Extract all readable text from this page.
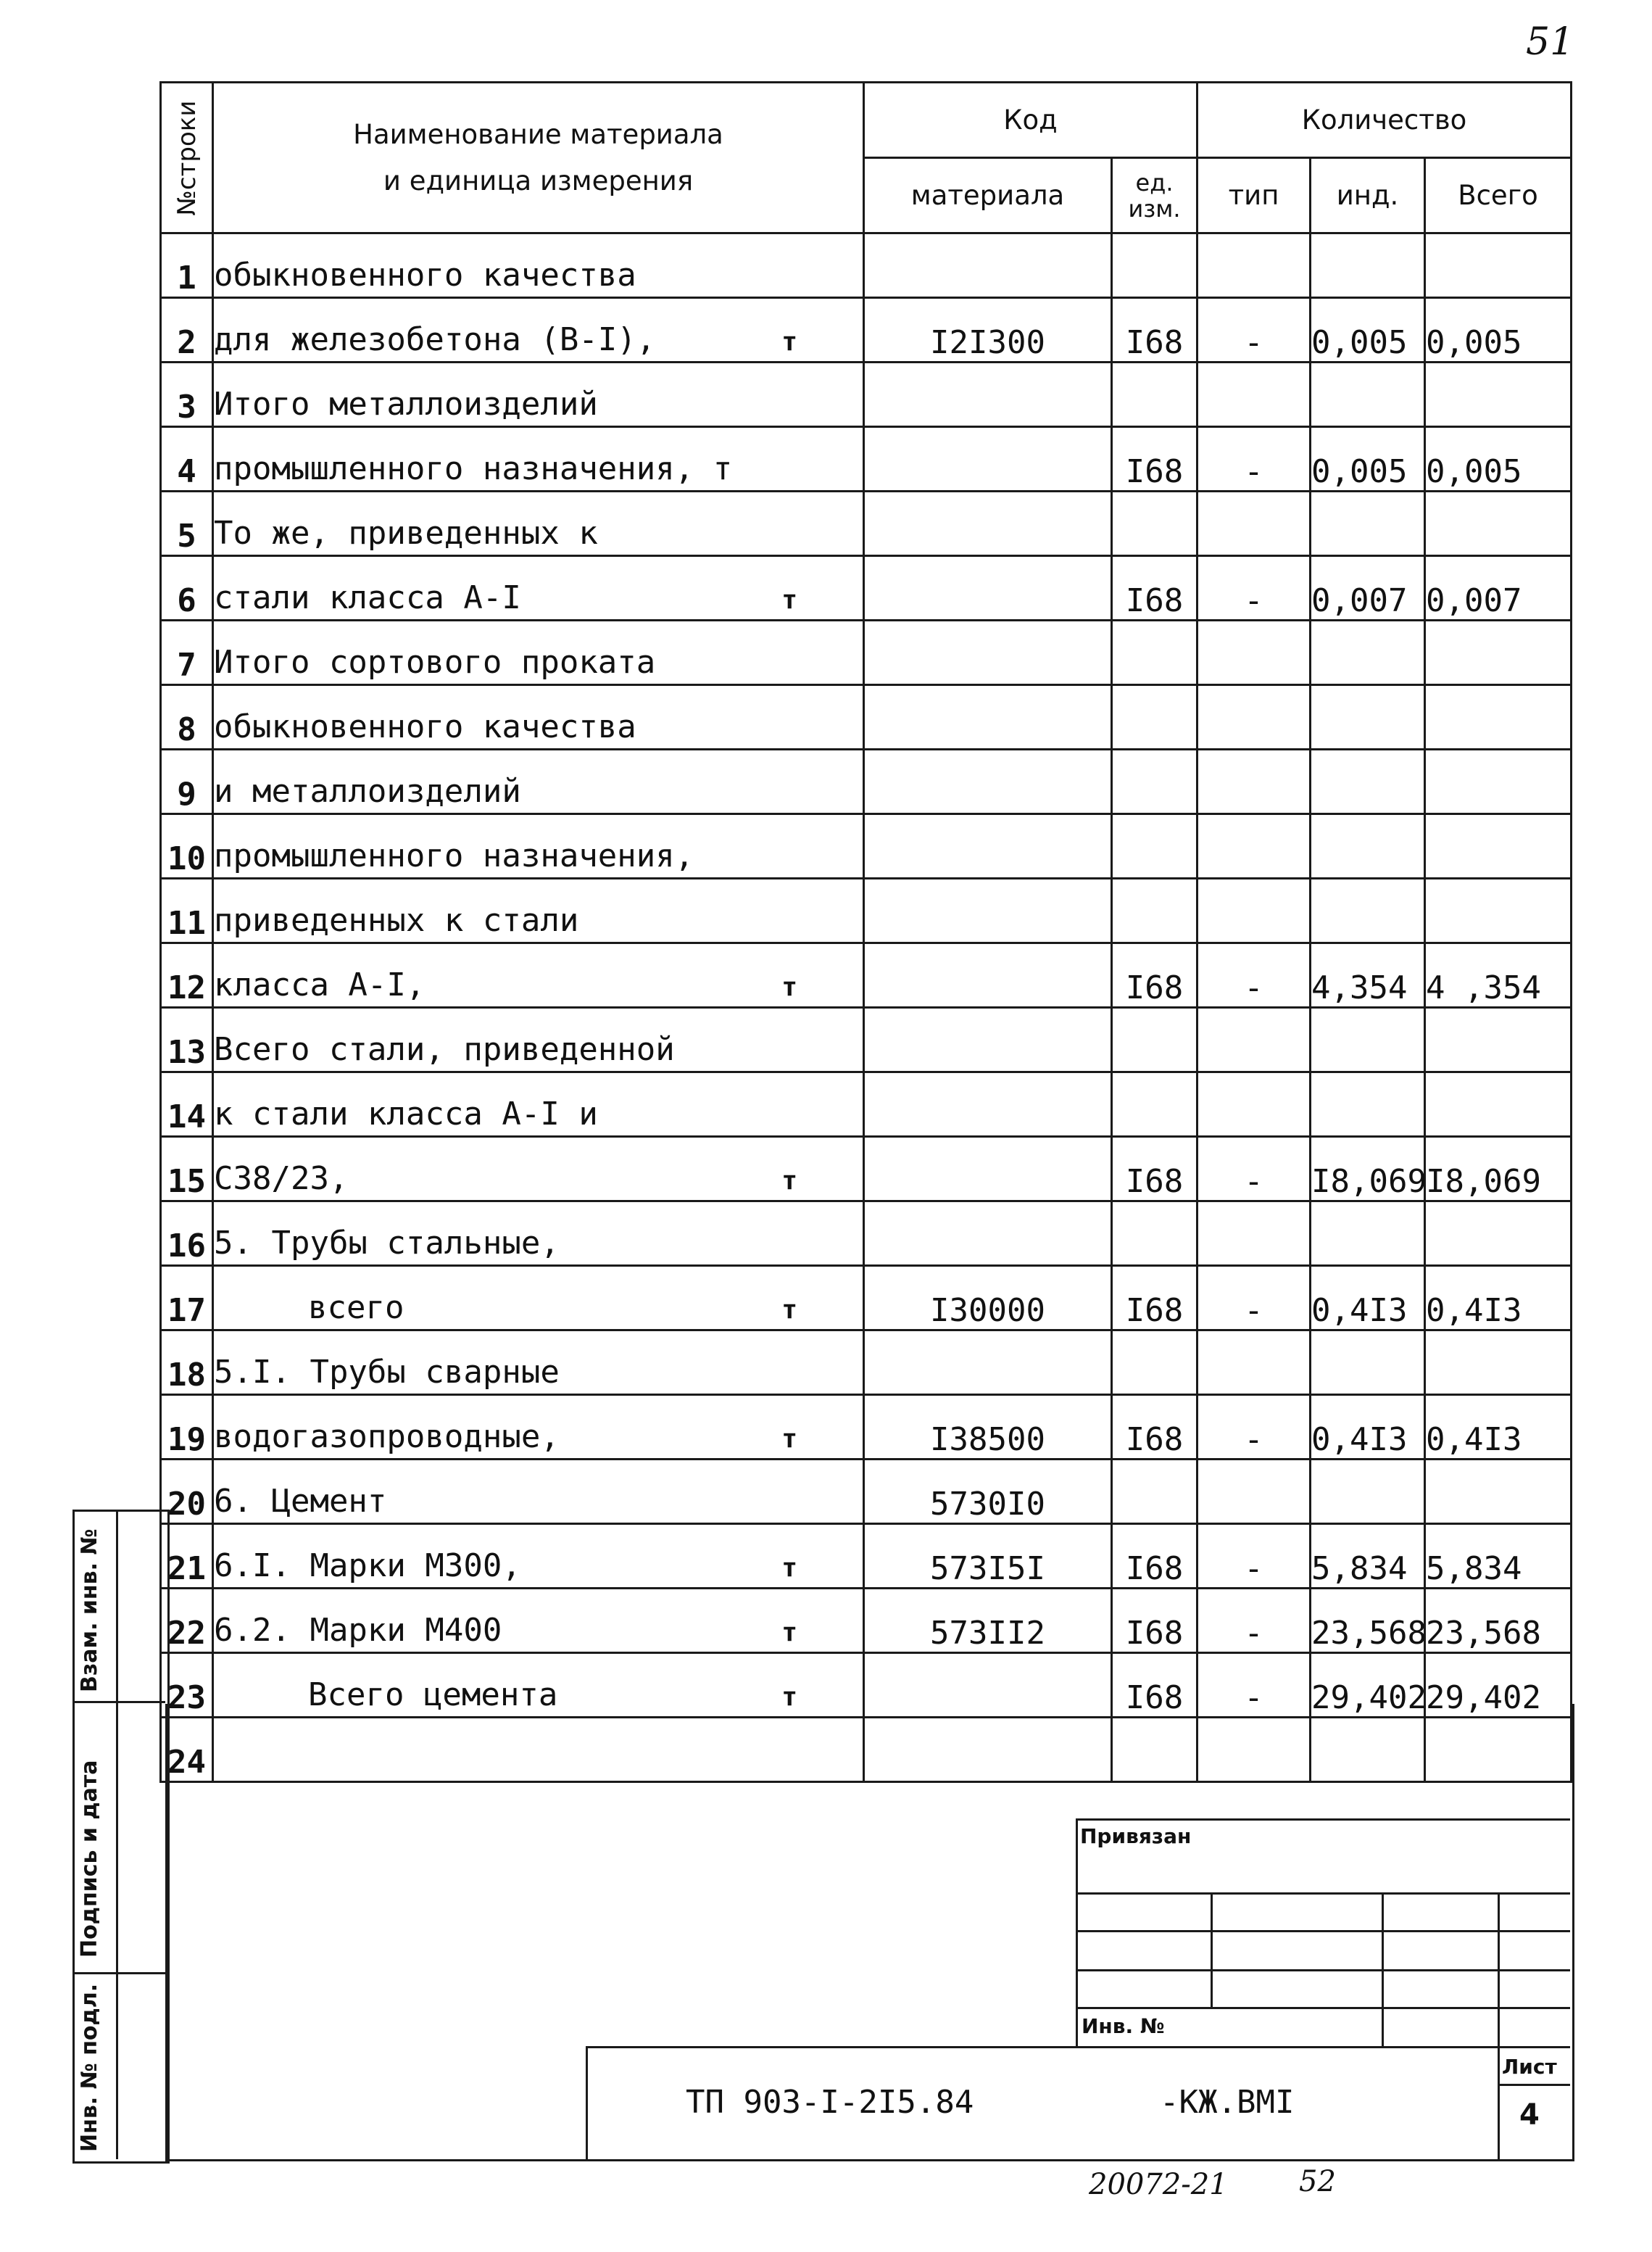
51
№строки	Наименование материала
и единица измерения	Код		Количество		
		материала	ед.
изм.	тип	инд.	Всего
1	обыкновенного качества

2	для железобетона (В-I), т	I2I300	I68	-	0,005	0,005
3	Итого металлоизделий

4	промышленного назначения, т		I68	-	0,005	0,005
5	То же, приведенных к

6	стали класса А-I т		I68	-	0,007	0,007
7	Итого сортового проката

8	обыкновенного качества

9	и металлоизделий

10	промышленного назначения,

11	приведенных к стали

12	класса А-I, т		I68	-	4,354	4 ,354
13	Всего стали, приведенной

14	к стали класса А-I и

15	С38/23, т		I68	-	I8,069	I8,069
16	5. Трубы стальные,

17	всего т	I30000	I68	-	0,4I3	0,4I3
18	5.I. Трубы сварные

19	водогазопроводные, т	I38500	I68	-	0,4I3	0,4I3
20	6. Цемент	5730I0				
21	6.I. Марки М300, т	573I5I	I68	-	5,834	5,834
22	6.2. Марки М400 т	573II2	I68	-	23,568	23,568
23	Всего цемента т		I68	-	29,402	29,402
24	

Взам. инв. №
Подпись и дата
Инв. № подл.
Привязан
Инв. №
Лист
4
ТП 903-I-2I5.84	-КЖ.ВМI
20072-21 52
